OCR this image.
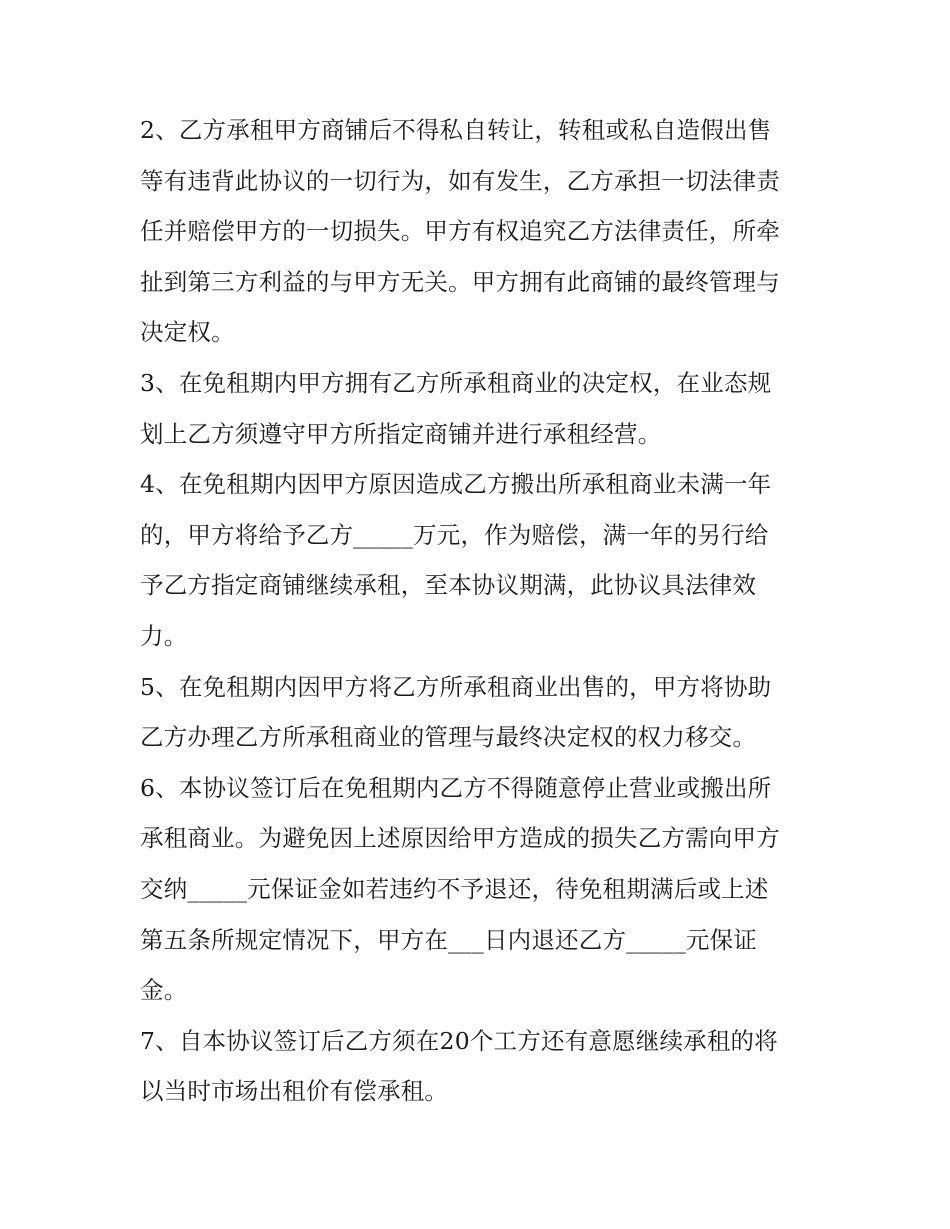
2、乙方承租甲方商铺后不得私自转让，转租或私自造假出售
等有违背此协议的一切行为，如有发生，乙方承担一切法律责
任并赔偿甲方的一切损失。甲方有权追究乙方法律责任，所牵
扯到第三方利益的与甲方无关。甲方拥有此商铺的最终管理与
决定权。

3、在免租期内甲方拥有乙方所承租商业的决定权，在业态规
划上乙方须遵守甲方所指定商铺并进行承租经营。

4、在免租期内因甲方原因造成乙方搬出所承租商业未满一年
的，甲方将给予乙方_____万元，作为赔偿，满一年的另行给
予乙方指定商铺继续承租，至本协议期满，此协议具法律效
力。

5、在免租期内因甲方将乙方所承租商业出售的，甲方将协助
乙方办理乙方所承租商业的管理与最终决定权的权力移交。

6、本协议签订后在免租期内乙方不得随意停止营业或搬出所
承租商业。为避免因上述原因给甲方造成的损失乙方需向甲方
交纳_____元保证金如若违约不予退还，待免租期满后或上述
第五条所规定情况下，甲方在___日内退还乙方_____元保证
金。

7、自本协议签订后乙方须在20个工方还有意愿继续承租的将
以当时市场出租价有偿承租。
